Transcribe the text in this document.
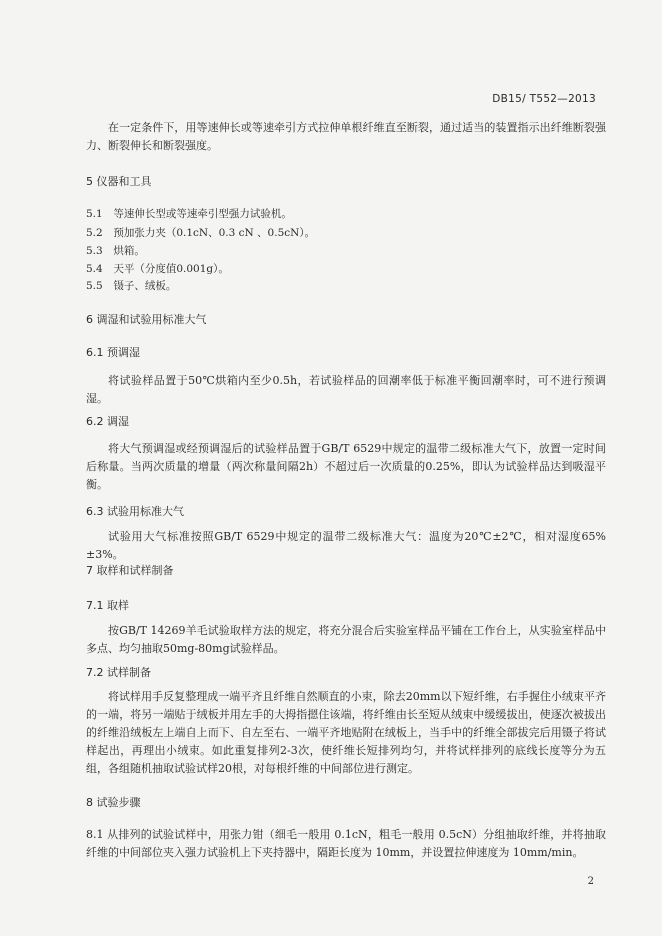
DB15/ T552—2013
在一定条件下，用等速伸长或等速牵引方式拉伸单根纤维直至断裂，通过适当的装置指示出纤维断裂强力、断裂伸长和断裂强度。
5 仪器和工具
5.1 等速伸长型或等速牵引型强力试验机。
5.2 预加张力夹（0.1cN、0.3 cN 、0.5cN）。
5.3 烘箱。
5.4 天平（分度值0.001g）。
5.5 镊子、绒板。
6 调湿和试验用标准大气
6.1 预调湿
将试验样品置于50℃烘箱内至少0.5h，若试验样品的回潮率低于标准平衡回潮率时，可不进行预调湿。
6.2 调湿
将大气预调湿或经预调湿后的试验样品置于GB/T 6529中规定的温带二级标准大气下，放置一定时间后称量。当两次质量的增量（两次称量间隔2h）不超过后一次质量的0.25%，即认为试验样品达到吸湿平衡。
6.3 试验用标准大气
试验用大气标准按照GB/T 6529中规定的温带二级标准大气：温度为20℃±2℃，相对湿度65%±3%。
7 取样和试样制备
7.1 取样
按GB/T 14269羊毛试验取样方法的规定，将充分混合后实验室样品平铺在工作台上，从实验室样品中多点、均匀抽取50mg-80mg试验样品。
7.2 试样制备
将试样用手反复整理成一端平齐且纤维自然顺直的小束，除去20mm以下短纤维，右手握住小绒束平齐的一端，将另一端贴于绒板并用左手的大拇指摁住该端，将纤维由长至短从绒束中缓缓拔出，使逐次被拔出的纤维沿绒板左上端自上而下、自左至右、一端平齐地贴附在绒板上，当手中的纤维全部拔完后用镊子将试样起出，再理出小绒束。如此重复排列2-3次，使纤维长短排列均匀，并将试样排列的底线长度等分为五组，各组随机抽取试验试样20根，对每根纤维的中间部位进行测定。
8 试验步骤
8.1 从排列的试验试样中，用张力钳（细毛一般用 0.1cN，粗毛一般用 0.5cN）分组抽取纤维，并将抽取纤维的中间部位夹入强力试验机上下夹持器中，隔距长度为 10mm，并设置拉伸速度为 10mm/min。
2
